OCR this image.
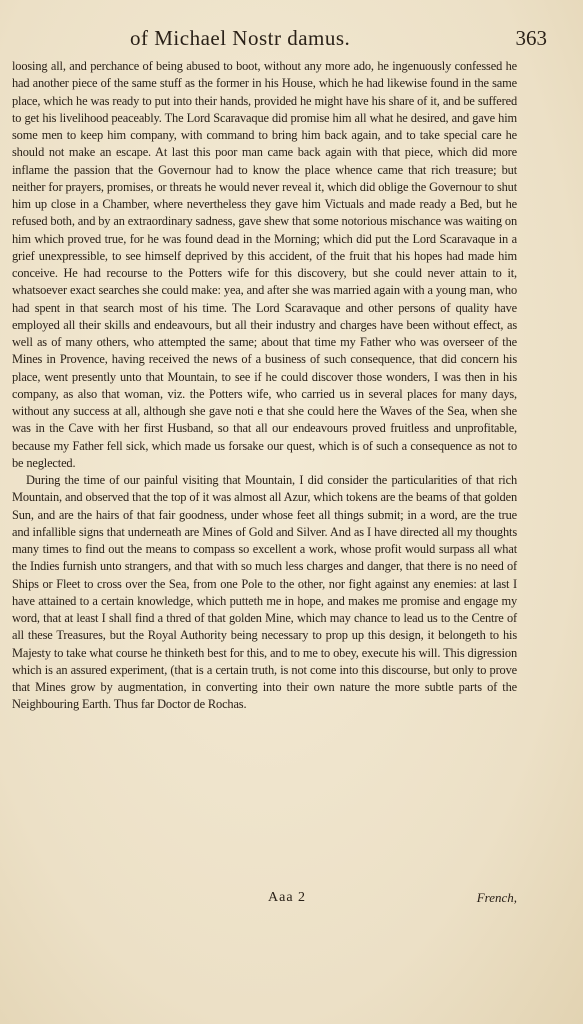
of Michael Nostr damus.	363

loosing all, and perchance of being abused to boot, without any more ado, he ingenuously confessed he had another piece of the same stuff as the former in his House, which he had likewise found in the same place, which he was ready to put into their hands, provided he might have his share of it, and be suffered to get his livelihood peaceably. The Lord Scaravaque did promise him all what he desired, and gave him some men to keep him company, with command to bring him back again, and to take special care he should not make an escape. At last this poor man came back again with that piece, which did more inflame the passion that the Governour had to know the place whence came that rich treasure; but neither for prayers, promises, or threats he would never reveal it, which did oblige the Governour to shut him up close in a Chamber, where nevertheless they gave him Victuals and made ready a Bed, but he refused both, and by an extraordinary sadness, gave shew that some notorious mischance was waiting on him which proved true, for he was found dead in the Morning; which did put the Lord Scaravaque in a grief unexpressible, to see himself deprived by this accident, of the fruit that his hopes had made him conceive. He had recourse to the Potters wife for this discovery, but she could never attain to it, whatsoever exact searches she could make: yea, and after she was married again with a young man, who had spent in that search most of his time. The Lord Scaravaque and other persons of quality have employed all their skills and endeavours, but all their industry and charges have been without effect, as well as of many others, who attempted the same; about that time my Father who was overseer of the Mines in Provence, having received the news of a business of such consequence, that did concern his place, went presently unto that Mountain, to see if he could discover those wonders, I was then in his company, as also that woman, viz. the Potters wife, who carried us in several places for many days, without any success at all, although she gave noti e that she could here the Waves of the Sea, when she was in the Cave with her first Husband, so that all our endeavours proved fruitless and unprofitable, because my Father fell sick, which made us forsake our quest, which is of such a consequence as not to be neglected.

During the time of our painful visiting that Mountain, I did consider the particularities of that rich Mountain, and observed that the top of it was almost all Azur, which tokens are the beams of that golden Sun, and are the hairs of that fair goodness, under whose feet all things submit; in a word, are the true and infallible signs that underneath are Mines of Gold and Silver. And as I have directed all my thoughts many times to find out the means to compass so excellent a work, whose profit would surpass all what the Indies furnish unto strangers, and that with so much less charges and danger, that there is no need of Ships or Fleet to cross over the Sea, from one Pole to the other, nor fight against any enemies: at last I have attained to a certain knowledge, which putteth me in hope, and makes me promise and engage my word, that at least I shall find a thred of that golden Mine, which may chance to lead us to the Centre of all these Treasures, but the Royal Authority being necessary to prop up this design, it belongeth to his Majesty to take what course he thinketh best for this, and to me to obey, execute his will. This digression which is an assured experiment, (that is a certain truth, is not come into this discourse, but only to prove that Mines grow by augmentation, in converting into their own nature the more subtle parts of the Neighbouring Earth. Thus far Doctor de Rochas.

Aaa 2	French,
